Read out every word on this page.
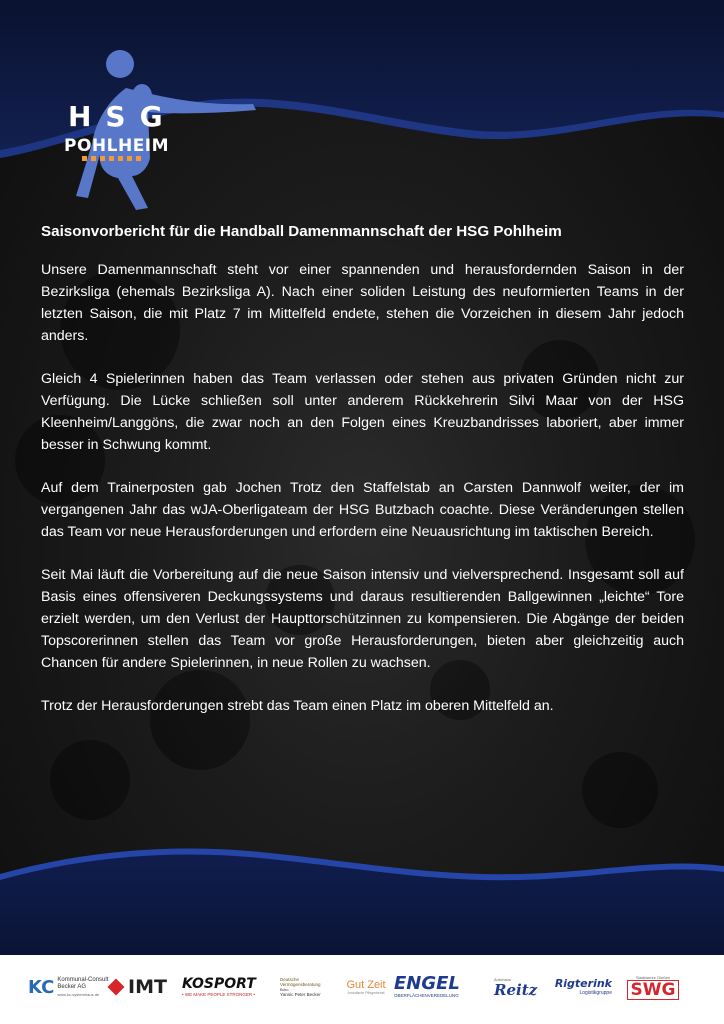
HSG
POHLHEIM
Saisonvorbericht für die Handball Damenmannschaft der HSG Pohlheim

Unsere Damenmannschaft steht vor einer spannenden und herausfordernden Saison in der Bezirksliga (ehemals Bezirksliga A). Nach einer soliden Leistung des neuformierten Teams in der letzten Saison, die mit Platz 7 im Mittelfeld endete, stehen die Vorzeichen in diesem Jahr jedoch anders.

Gleich 4 Spielerinnen haben das Team verlassen oder stehen aus privaten Gründen nicht zur Verfügung. Die Lücke schließen soll unter anderem Rückkehrerin Silvi Maar von der HSG Kleenheim/Langgöns, die zwar noch an den Folgen eines Kreuzbandrisses laboriert, aber immer besser in Schwung kommt.

Auf dem Trainerposten gab Jochen Trotz den Staffelstab an Carsten Dannwolf weiter, der im vergangenen Jahr das wJA-Oberligateam der HSG Butzbach coachte. Diese Veränderungen stellen das Team vor neue Herausforderungen und erfordern eine Neuausrichtung im taktischen Bereich.

Seit Mai läuft die Vorbereitung auf die neue Saison intensiv und vielversprechend. Insgesamt soll auf Basis eines offensiveren Deckungssystems und daraus resultierenden Ballgewinnen „leichte“ Tore erzielt werden, um den Verlust der Haupttorschützinnen zu kompensieren. Die Abgänge der beiden Topscorerinnen stellen das Team vor große Herausforderungen, bieten aber gleichzeitig auch Chancen für andere Spielerinnen, in neue Rollen zu wachsen.

Trotz der Herausforderungen strebt das Team einen Platz im oberen Mittelfeld an.

KC Kommunal-Consult
Becker AG
www.kc-systemhaus.de	IMT KOSPORT
• WE MAKE PEOPLE STRONGER •
Deutsche
Vermögensberatung
Büro
Yannic Peter Becker
Gut Zeit
Ambulante Pflegedienst ENGEL
OBERFLÄCHENVEREDELUNG
Autohaus
Reitz Rigterink
Logistikgruppe
Stadtwerke Gießen
SWG
